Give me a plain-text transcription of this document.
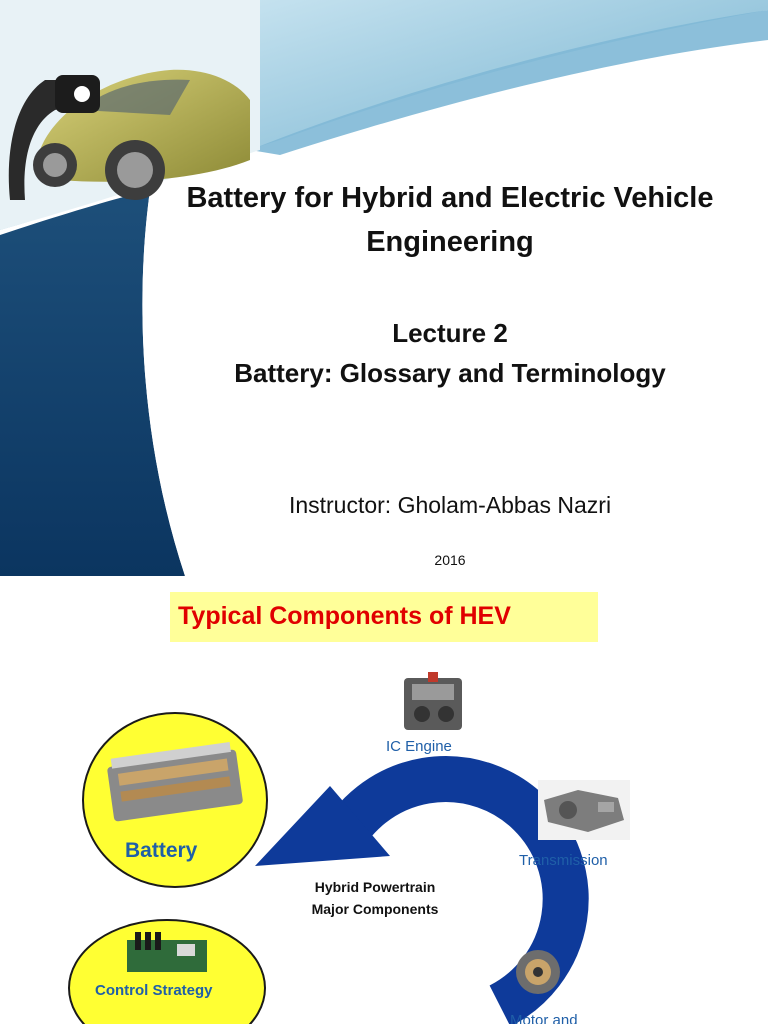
Battery for Hybrid and Electric Vehicle Engineering
Lecture 2
Battery: Glossary and Terminology
Instructor: Gholam-Abbas Nazri
2016
Typical Components of HEV
Hybrid Powertrain Major Components
Battery
Control Strategy
IC Engine
Transmission
Motor and
